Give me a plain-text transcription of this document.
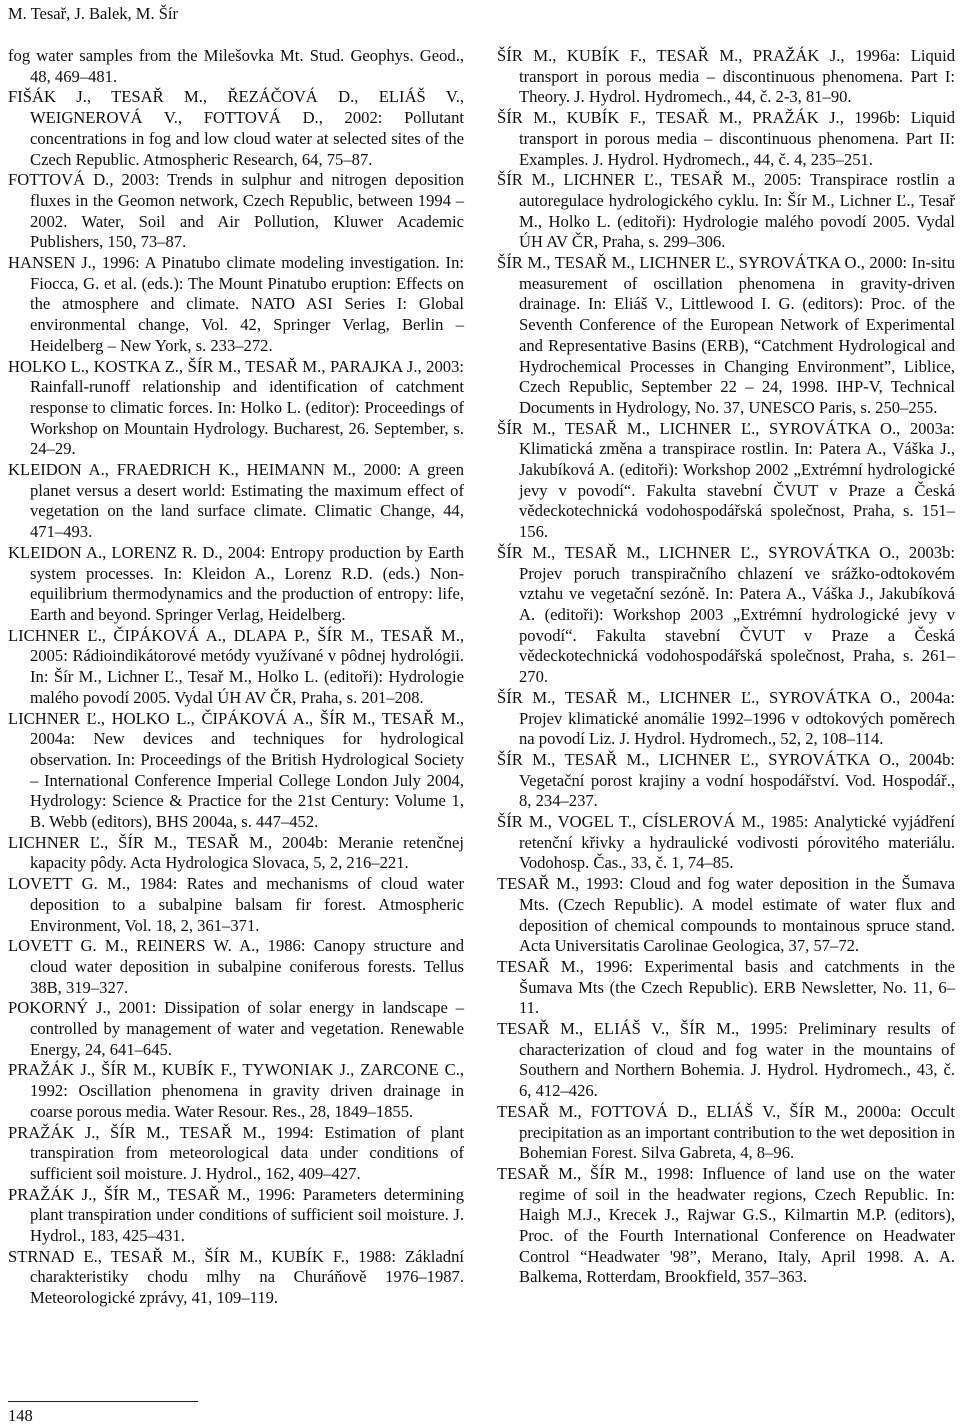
M. Tesař, J. Balek, M. Šír

fog water samples from the Milešovka Mt. Stud. Geophys. Geod., 48, 469–481.

FIŠÁK J., TESAŘ M., ŘEZÁČOVÁ D., ELIÁŠ V., WEIGNEROVÁ V., FOTTOVÁ D., 2002: Pollutant concentrations in fog and low cloud water at selected sites of the Czech Republic. Atmospheric Research, 64, 75–87.

FOTTOVÁ D., 2003: Trends in sulphur and nitrogen deposition fluxes in the Geomon network, Czech Republic, between 1994 – 2002. Water, Soil and Air Pollution, Kluwer Academic Publishers, 150, 73–87.

HANSEN J., 1996: A Pinatubo climate modeling investigation. In: Fiocca, G. et al. (eds.): The Mount Pinatubo eruption: Effects on the atmosphere and climate. NATO ASI Series I: Global environmental change, Vol. 42, Springer Verlag, Berlin – Heidelberg – New York, s. 233–272.

HOLKO L., KOSTKA Z., ŠÍR M., TESAŘ M., PARAJKA J., 2003: Rainfall-runoff relationship and identification of catchment response to climatic forces. In: Holko L. (editor): Proceedings of Workshop on Mountain Hydrology. Bucharest, 26. September, s. 24–29.

KLEIDON A., FRAEDRICH K., HEIMANN M., 2000: A green planet versus a desert world: Estimating the maximum effect of vegetation on the land surface climate. Climatic Change, 44, 471–493.

KLEIDON A., LORENZ R. D., 2004: Entropy production by Earth system processes. In: Kleidon A., Lorenz R.D. (eds.) Non-equilibrium thermodynamics and the production of entropy: life, Earth and beyond. Springer Verlag, Heidelberg.

LICHNER Ľ., ČIPÁKOVÁ A., DLAPA P., ŠÍR M., TESAŘ M., 2005: Rádioindikátorové metódy využívané v pôdnej hydrológii. In: Šír M., Lichner Ľ., Tesař M., Holko L. (editoři): Hydrologie malého povodí 2005. Vydal ÚH AV ČR, Praha, s. 201–208.

LICHNER Ľ., HOLKO L., ČIPÁKOVÁ A., ŠÍR M., TESAŘ M., 2004a: New devices and techniques for hydrological observation. In: Proceedings of the British Hydrological Society – International Conference Imperial College London July 2004, Hydrology: Science & Practice for the 21st Century: Volume 1, B. Webb (editors), BHS 2004a, s. 447–452.

LICHNER Ľ., ŠÍR M., TESAŘ M., 2004b: Meranie retenčnej kapacity pôdy. Acta Hydrologica Slovaca, 5, 2, 216–221.

LOVETT G. M., 1984: Rates and mechanisms of cloud water deposition to a subalpine balsam fir forest. Atmospheric Environment, Vol. 18, 2, 361–371.

LOVETT G. M., REINERS W. A., 1986: Canopy structure and cloud water deposition in subalpine coniferous forests. Tellus 38B, 319–327.

POKORNÝ J., 2001: Dissipation of solar energy in landscape – controlled by management of water and vegetation. Renewable Energy, 24, 641–645.

PRAŽÁK J., ŠÍR M., KUBÍK F., TYWONIAK J., ZARCONE C., 1992: Oscillation phenomena in gravity driven drainage in coarse porous media. Water Resour. Res., 28, 1849–1855.

PRAŽÁK J., ŠÍR M., TESAŘ M., 1994: Estimation of plant transpiration from meteorological data under conditions of sufficient soil moisture. J. Hydrol., 162, 409–427.

PRAŽÁK J., ŠÍR M., TESAŘ M., 1996: Parameters determining plant transpiration under conditions of sufficient soil moisture. J. Hydrol., 183, 425–431.

STRNAD E., TESAŘ M., ŠÍR M., KUBÍK F., 1988: Základní charakteristiky chodu mlhy na Churáňově 1976–1987. Meteorologické zprávy, 41, 109–119.

ŠÍR M., KUBÍK F., TESAŘ M., PRAŽÁK J., 1996a: Liquid transport in porous media – discontinuous phenomena. Part I: Theory. J. Hydrol. Hydromech., 44, č. 2-3, 81–90.

ŠÍR M., KUBÍK F., TESAŘ M., PRAŽÁK J., 1996b: Liquid transport in porous media – discontinuous phenomena. Part II: Examples. J. Hydrol. Hydromech., 44, č. 4, 235–251.

ŠÍR M., LICHNER Ľ., TESAŘ M., 2005: Transpirace rostlin a autoregulace hydrologického cyklu. In: Šír M., Lichner Ľ., Tesař M., Holko L. (editoři): Hydrologie malého povodí 2005. Vydal ÚH AV ČR, Praha, s. 299–306.

ŠÍR M., TESAŘ M., LICHNER Ľ., SYROVÁTKA O., 2000: In-situ measurement of oscillation phenomena in gravity-driven drainage. In: Eliáš V., Littlewood I. G. (editors): Proc. of the Seventh Conference of the European Network of Experimental and Representative Basins (ERB), “Catchment Hydrological and Hydrochemical Processes in Changing Environment”, Liblice, Czech Republic, September 22 – 24, 1998. IHP-V, Technical Documents in Hydrology, No. 37, UNESCO Paris, s. 250–255.

ŠÍR M., TESAŘ M., LICHNER Ľ., SYROVÁTKA O., 2003a: Klimatická změna a transpirace rostlin. In: Patera A., Váška J., Jakubíková A. (editoři): Workshop 2002 „Extrémní hydrologické jevy v povodí“. Fakulta stavební ČVUT v Praze a Česká vědeckotechnická vodohospodářská společnost, Praha, s. 151–156.

ŠÍR M., TESAŘ M., LICHNER Ľ., SYROVÁTKA O., 2003b: Projev poruch transpiračního chlazení ve srážko-odtokovém vztahu ve vegetační sezóně. In: Patera A., Váška J., Jakubíková A. (editoři): Workshop 2003 „Extrémní hydrologické jevy v povodí“. Fakulta stavební ČVUT v Praze a Česká vědeckotechnická vodohospodářská společnost, Praha, s. 261–270.

ŠÍR M., TESAŘ M., LICHNER Ľ., SYROVÁTKA O., 2004a: Projev klimatické anomálie 1992–1996 v odtokových poměrech na povodí Liz. J. Hydrol. Hydromech., 52, 2, 108–114.

ŠÍR M., TESAŘ M., LICHNER Ľ., SYROVÁTKA O., 2004b: Vegetační porost krajiny a vodní hospodářství. Vod. Hospodář., 8, 234–237.

ŠÍR M., VOGEL T., CÍSLEROVÁ M., 1985: Analytické vyjádření retenční křivky a hydraulické vodivosti pórovitého materiálu. Vodohosp. Čas., 33, č. 1, 74–85.

TESAŘ M., 1993: Cloud and fog water deposition in the Šumava Mts. (Czech Republic). A model estimate of water flux and deposition of chemical compounds to montainous spruce stand. Acta Universitatis Carolinae Geologica, 37, 57–72.

TESAŘ M., 1996: Experimental basis and catchments in the Šumava Mts (the Czech Republic). ERB Newsletter, No. 11, 6–11.

TESAŘ M., ELIÁŠ V., ŠÍR M., 1995: Preliminary results of characterization of cloud and fog water in the mountains of Southern and Northern Bohemia. J. Hydrol. Hydromech., 43, č. 6, 412–426.

TESAŘ M., FOTTOVÁ D., ELIÁŠ V., ŠÍR M., 2000a: Occult precipitation as an important contribution to the wet deposition in Bohemian Forest. Silva Gabreta, 4, 8–96.

TESAŘ M., ŠÍR M., 1998: Influence of land use on the water regime of soil in the headwater regions, Czech Republic. In: Haigh M.J., Krecek J., Rajwar G.S., Kilmartin M.P. (editors), Proc. of the Fourth International Conference on Headwater Control “Headwater '98”, Merano, Italy, April 1998. A. A. Balkema, Rotterdam, Brookfield, 357–363.

148
